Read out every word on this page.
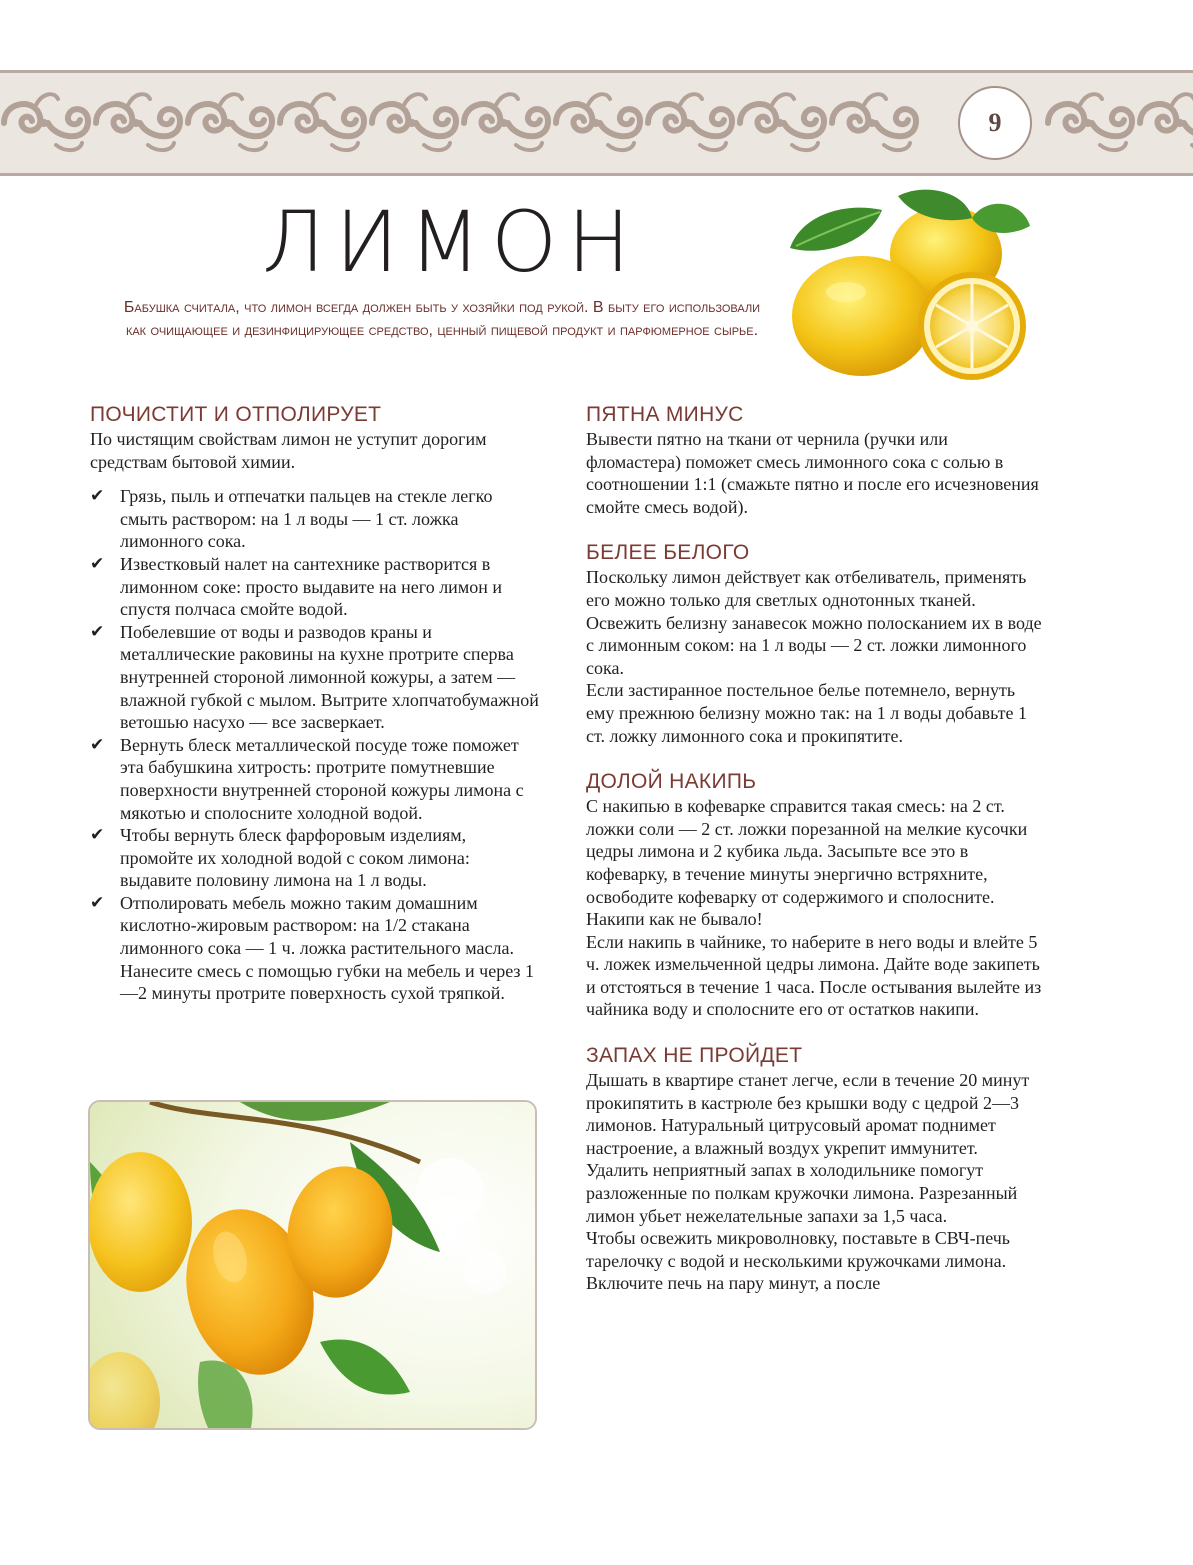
9
ЛИМОН

Бабушка считала, что лимон всегда должен быть у хозяйки под рукой. В быту его использовали как очищающее и дезинфицирующее средство, ценный пищевой продукт и парфюмерное сырье.

ПОЧИСТИТ И ОТПОЛИРУЕТ

По чистящим свойствам лимон не уступит дорогим средствам бытовой химии.

✔ Грязь, пыль и отпечатки пальцев на стекле легко смыть раствором: на 1 л воды — 1 ст. ложка лимонного сока.
✔ Известковый налет на сантехнике растворится в лимонном соке: просто выдавите на него лимон и спустя полчаса смойте водой.
✔ Побелевшие от воды и разводов краны и металлические раковины на кухне протрите сперва внутренней стороной лимонной кожуры, а затем — влажной губкой с мылом. Вытрите хлопчатобумажной ветошью насухо — все засверкает.
✔ Вернуть блеск металлической посуде тоже поможет эта бабушкина хитрость: протрите помутневшие поверхности внутренней стороной кожуры лимона с мякотью и сполосните холодной водой.
✔ Чтобы вернуть блеск фарфоровым изделиям, промойте их холодной водой с соком лимона: выдавите половину лимона на 1 л воды.
✔ Отполировать мебель можно таким домашним кислотно-жировым раствором: на 1/2 стакана лимонного сока — 1 ч. ложка растительного масла. Нанесите смесь с помощью губки на мебель и через 1—2 минуты протрите поверхность сухой тряпкой.
ПЯТНА МИНУС

Вывести пятно на ткани от чернила (ручки или фломастера) поможет смесь лимонного сока с солью в соотношении 1:1 (смажьте пятно и после его исчезновения смойте смесь водой).

БЕЛЕЕ БЕЛОГО

Поскольку лимон действует как отбеливатель, применять его можно только для светлых однотонных тканей.

Освежить белизну занавесок можно полосканием их в воде с лимонным соком: на 1 л воды — 2 ст. ложки лимонного сока.

Если застиранное постельное белье потемнело, вернуть ему прежнюю белизну можно так: на 1 л воды добавьте 1 ст. ложку лимонного сока и прокипятите.

ДОЛОЙ НАКИПЬ

С накипью в кофеварке справится такая смесь: на 2 ст. ложки соли — 2 ст. ложки порезанной на мелкие кусочки цедры лимона и 2 кубика льда. Засыпьте все это в кофеварку, в течение минуты энергично встряхните, освободите кофеварку от содержимого и сполосните. Накипи как не бывало!

Если накипь в чайнике, то наберите в него воды и влейте 5 ч. ложек измельченной цедры лимона. Дайте воде закипеть и отстояться в течение 1 часа. После остывания вылейте из чайника воду и сполосните его от остатков накипи.

ЗАПАХ НЕ ПРОЙДЕТ

Дышать в квартире станет легче, если в течение 20 минут прокипятить в кастрюле без крышки воду с цедрой 2—3 лимонов. Натуральный цитрусовый аромат поднимет настроение, а влажный воздух укрепит иммунитет.

Удалить неприятный запах в холодильнике помогут разложенные по полкам кружочки лимона. Разрезанный лимон убьет нежелательные запахи за 1,5 часа.

Чтобы освежить микроволновку, поставьте в СВЧ-печь тарелочку с водой и несколькими кружочками лимона. Включите печь на пару минут, а после
